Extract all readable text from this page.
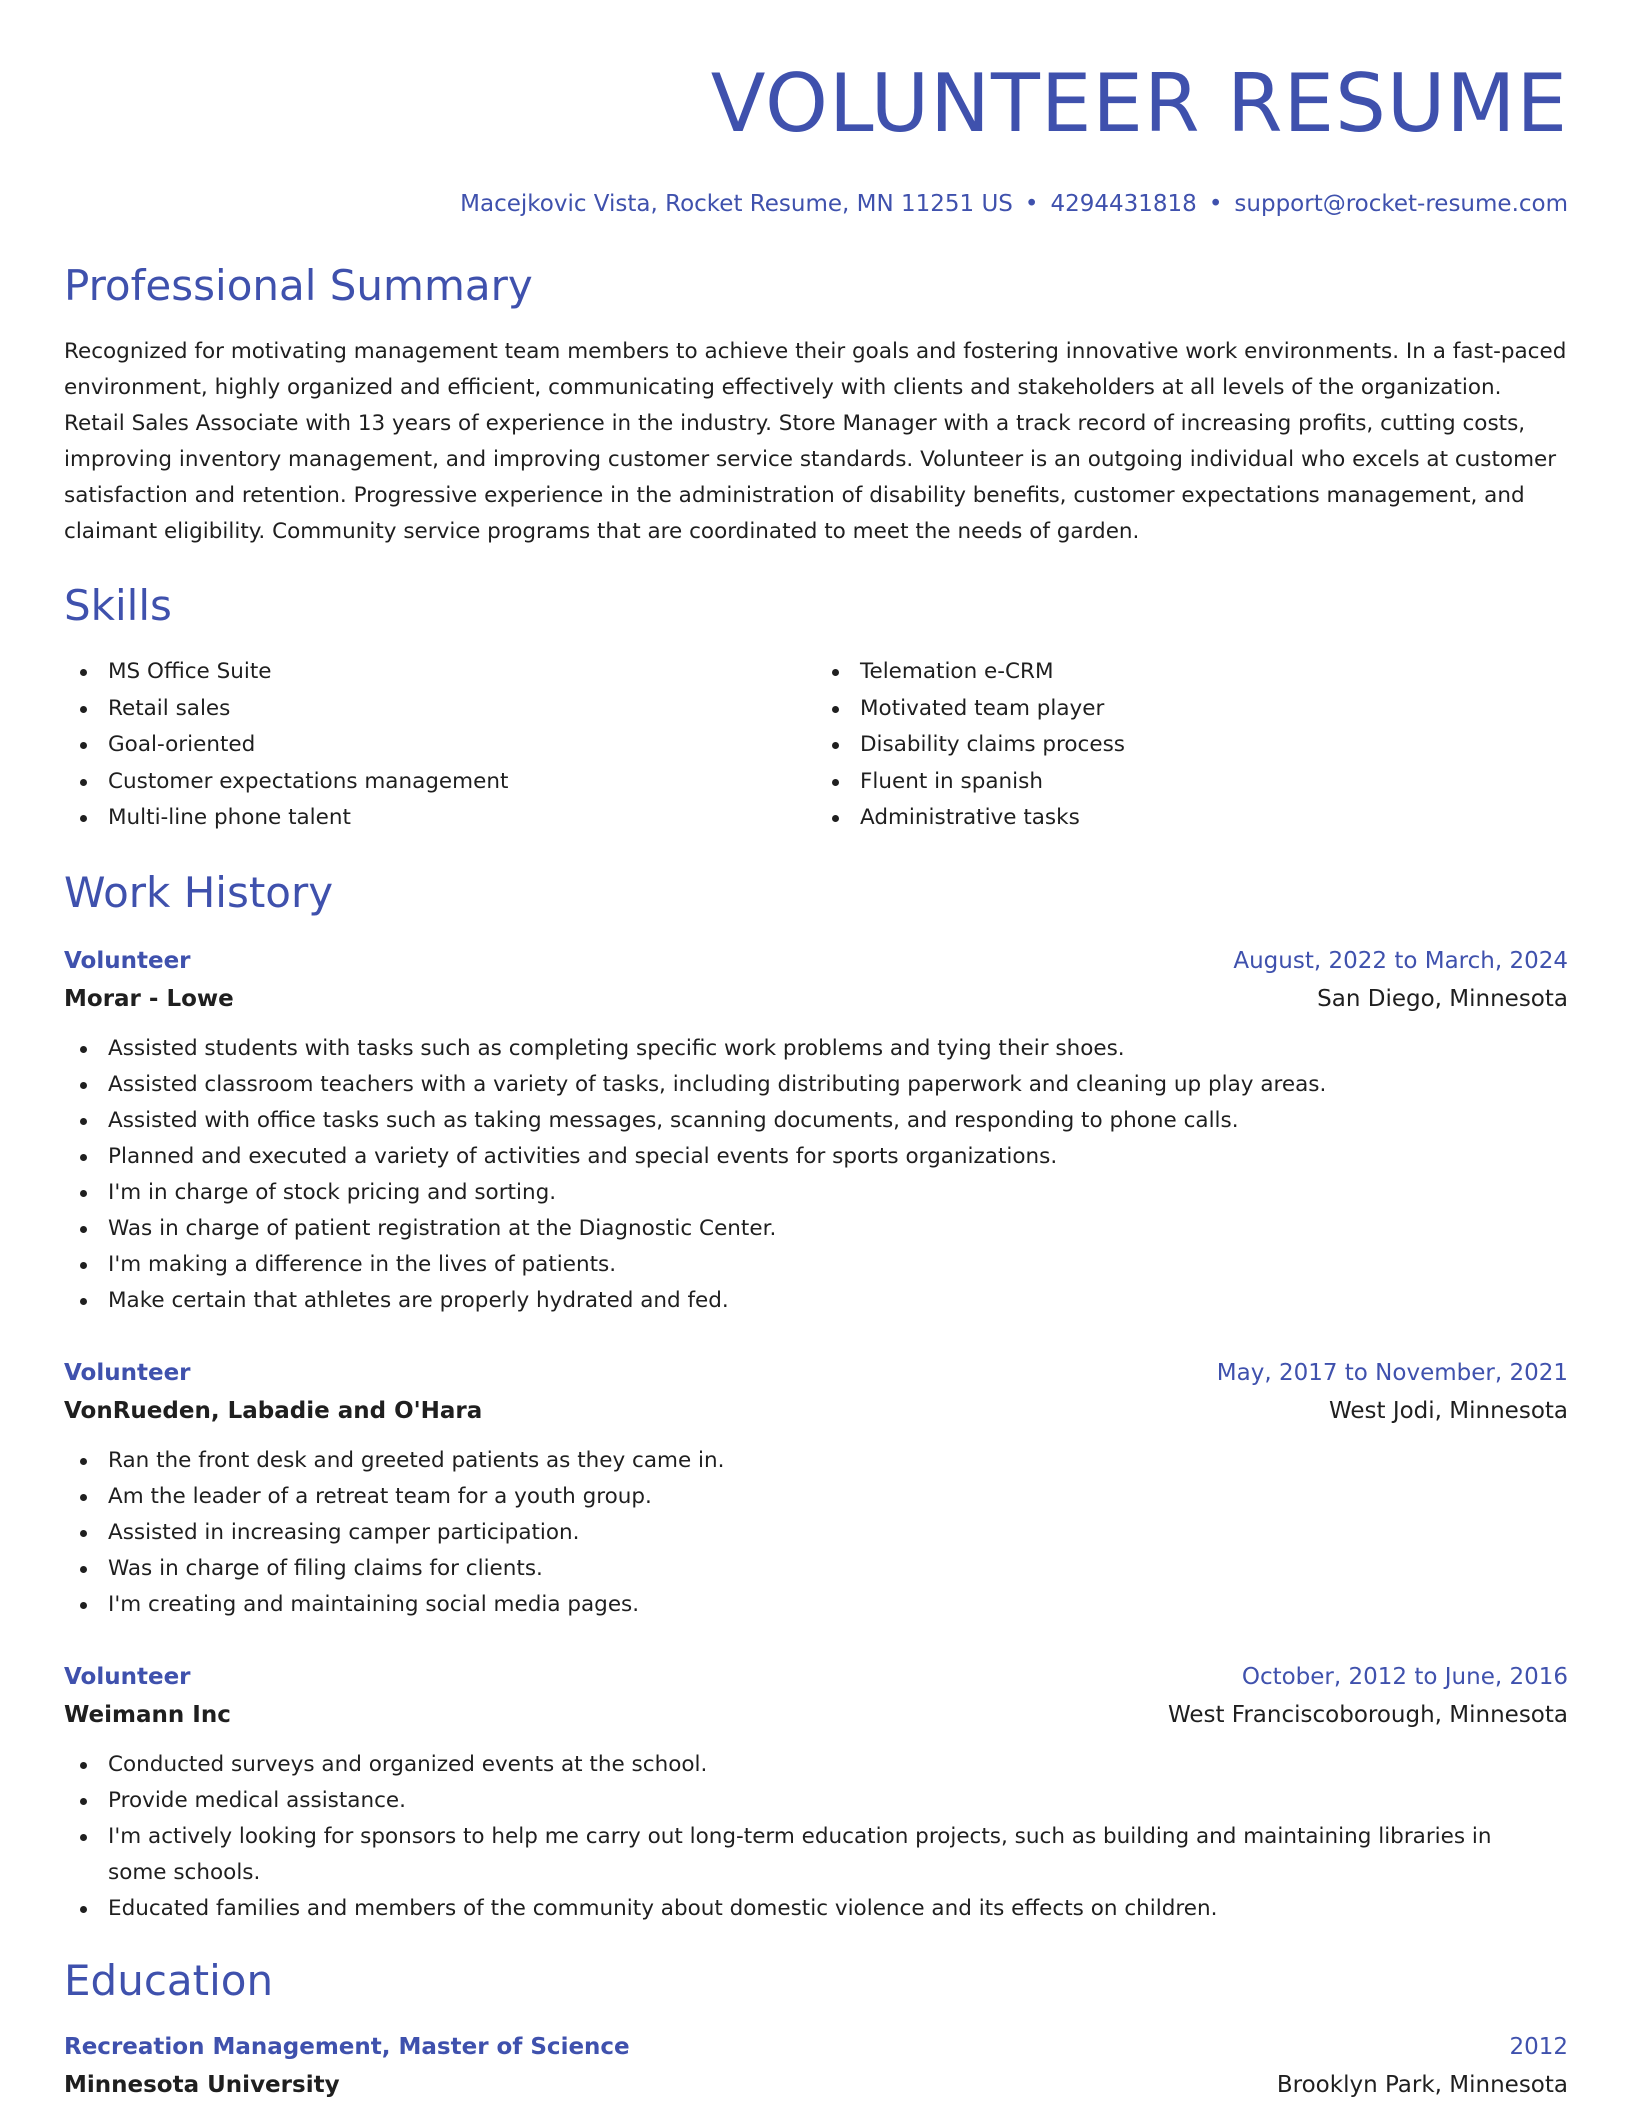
VOLUNTEER RESUME
Macejkovic Vista, Rocket Resume, MN 11251 US • 4294431818 • support@rocket-resume.com
Professional Summary
Recognized for motivating management team members to achieve their goals and fostering innovative work environments. In a fast-paced environment, highly organized and efficient, communicating effectively with clients and stakeholders at all levels of the organization. Retail Sales Associate with 13 years of experience in the industry. Store Manager with a track record of increasing profits, cutting costs, improving inventory management, and improving customer service standards. Volunteer is an outgoing individual who excels at customer satisfaction and retention. Progressive experience in the administration of disability benefits, customer expectations management, and claimant eligibility. Community service programs that are coordinated to meet the needs of garden.
Skills
MS Office Suite
Retail sales
Goal-oriented
Customer expectations management
Multi-line phone talent
Telemation e-CRM
Motivated team player
Disability claims process
Fluent in spanish
Administrative tasks
Work History
Volunteer	August, 2022 to March, 2024
Morar - Lowe	San Diego, Minnesota
Assisted students with tasks such as completing specific work problems and tying their shoes.
Assisted classroom teachers with a variety of tasks, including distributing paperwork and cleaning up play areas.
Assisted with office tasks such as taking messages, scanning documents, and responding to phone calls.
Planned and executed a variety of activities and special events for sports organizations.
I'm in charge of stock pricing and sorting.
Was in charge of patient registration at the Diagnostic Center.
I'm making a difference in the lives of patients.
Make certain that athletes are properly hydrated and fed.
Volunteer	May, 2017 to November, 2021
VonRueden, Labadie and O'Hara	West Jodi, Minnesota
Ran the front desk and greeted patients as they came in.
Am the leader of a retreat team for a youth group.
Assisted in increasing camper participation.
Was in charge of filing claims for clients.
I'm creating and maintaining social media pages.
Volunteer	October, 2012 to June, 2016
Weimann Inc	West Franciscoborough, Minnesota
Conducted surveys and organized events at the school.
Provide medical assistance.
I'm actively looking for sponsors to help me carry out long-term education projects, such as building and maintaining libraries in some schools.
Educated families and members of the community about domestic violence and its effects on children.
Education
Recreation Management, Master of Science	2012
Minnesota University	Brooklyn Park, Minnesota
